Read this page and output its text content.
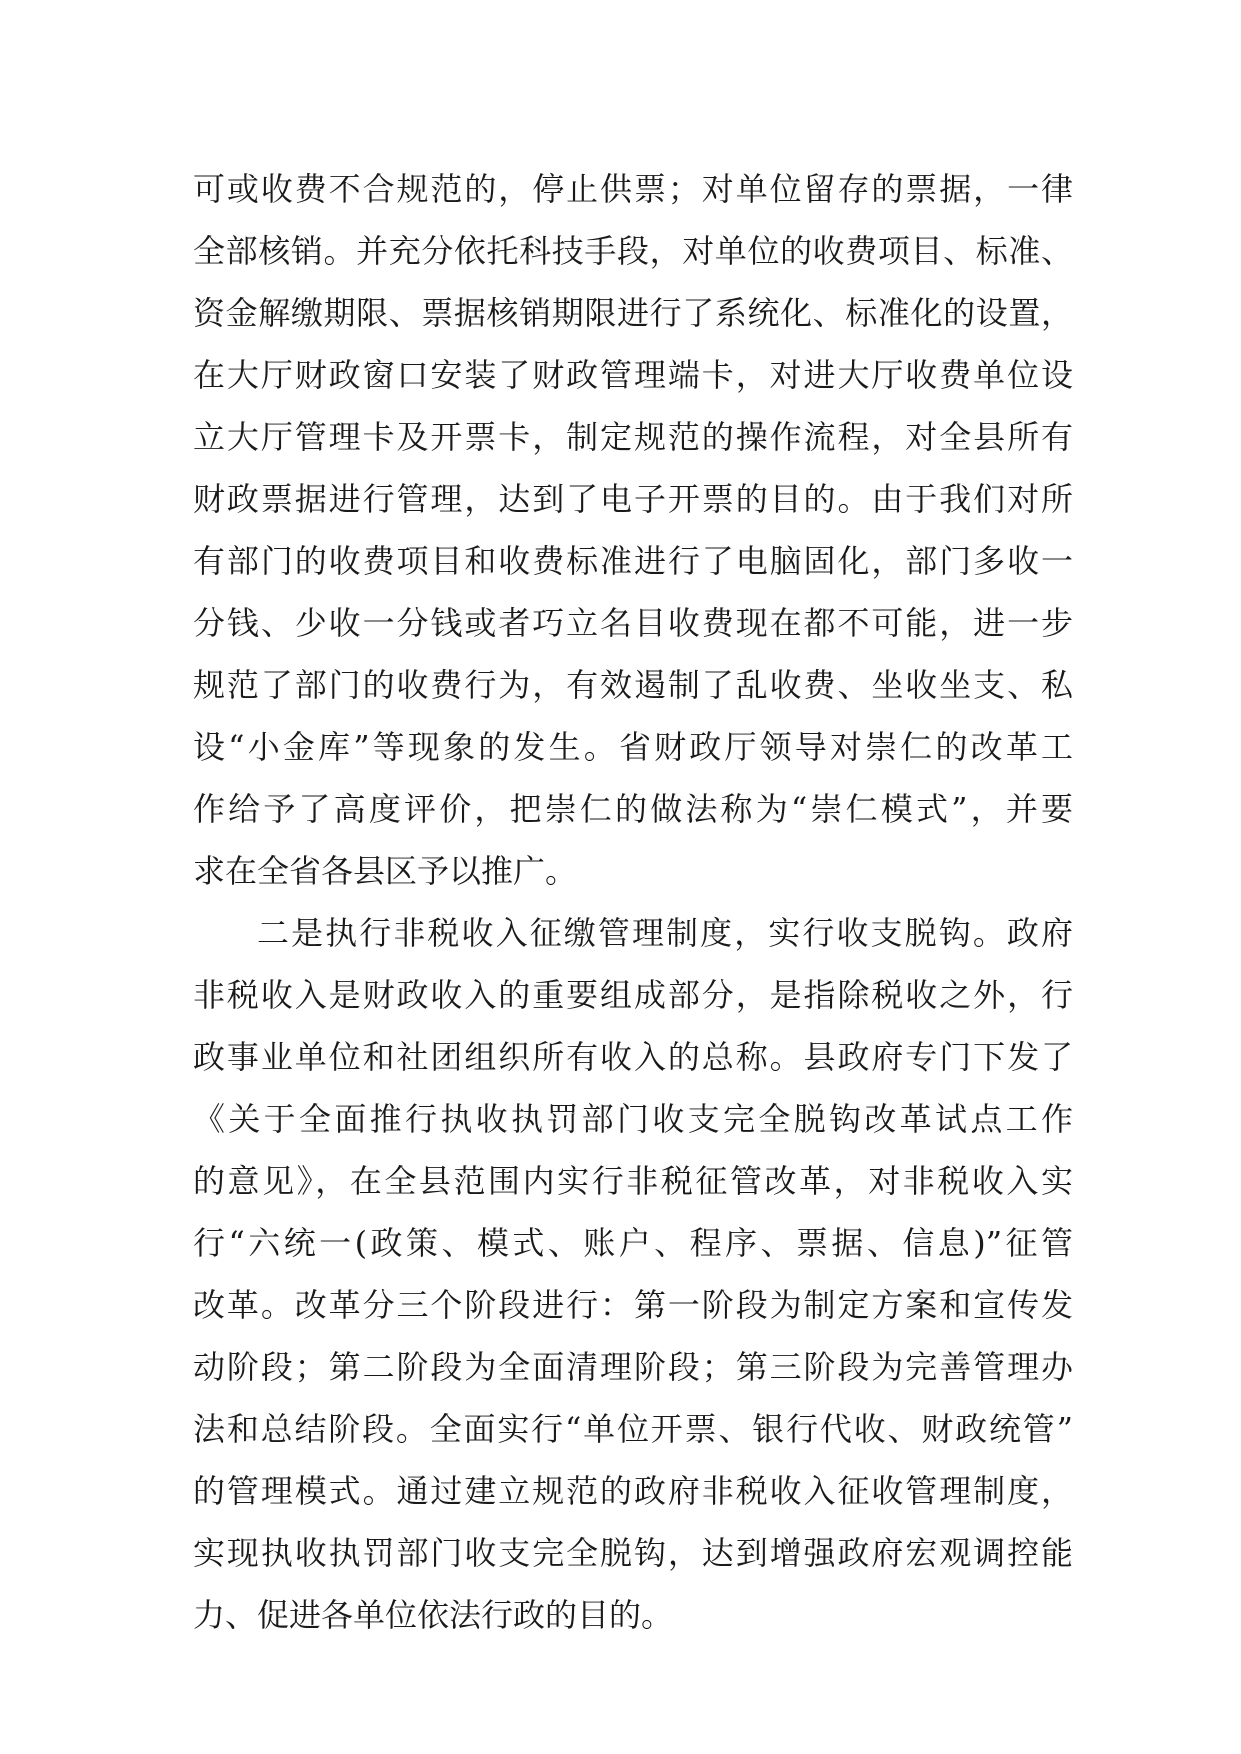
可或收费不合规范的，停止供票；对单位留存的票据，一律
全部核销。并充分依托科技手段，对单位的收费项目、标准、
资金解缴期限、票据核销期限进行了系统化、标准化的设置，
在大厅财政窗口安装了财政管理端卡，对进大厅收费单位设
立大厅管理卡及开票卡，制定规范的操作流程，对全县所有
财政票据进行管理，达到了电子开票的目的。由于我们对所
有部门的收费项目和收费标准进行了电脑固化，部门多收一
分钱、少收一分钱或者巧立名目收费现在都不可能，进一步
规范了部门的收费行为，有效遏制了乱收费、坐收坐支、私
设“小金库”等现象的发生。省财政厅领导对崇仁的改革工
作给予了高度评价，把崇仁的做法称为“崇仁模式”，并要
求在全省各县区予以推广。
二是执行非税收入征缴管理制度，实行收支脱钩。政府
非税收入是财政收入的重要组成部分，是指除税收之外，行
政事业单位和社团组织所有收入的总称。县政府专门下发了
《关于全面推行执收执罚部门收支完全脱钩改革试点工作
的意见》，在全县范围内实行非税征管改革，对非税收入实
行“六统一(政策、模式、账户、程序、票据、信息)”征管
改革。改革分三个阶段进行：第一阶段为制定方案和宣传发
动阶段；第二阶段为全面清理阶段；第三阶段为完善管理办
法和总结阶段。全面实行“单位开票、银行代收、财政统管”
的管理模式。通过建立规范的政府非税收入征收管理制度，
实现执收执罚部门收支完全脱钩，达到增强政府宏观调控能
力、促进各单位依法行政的目的。
